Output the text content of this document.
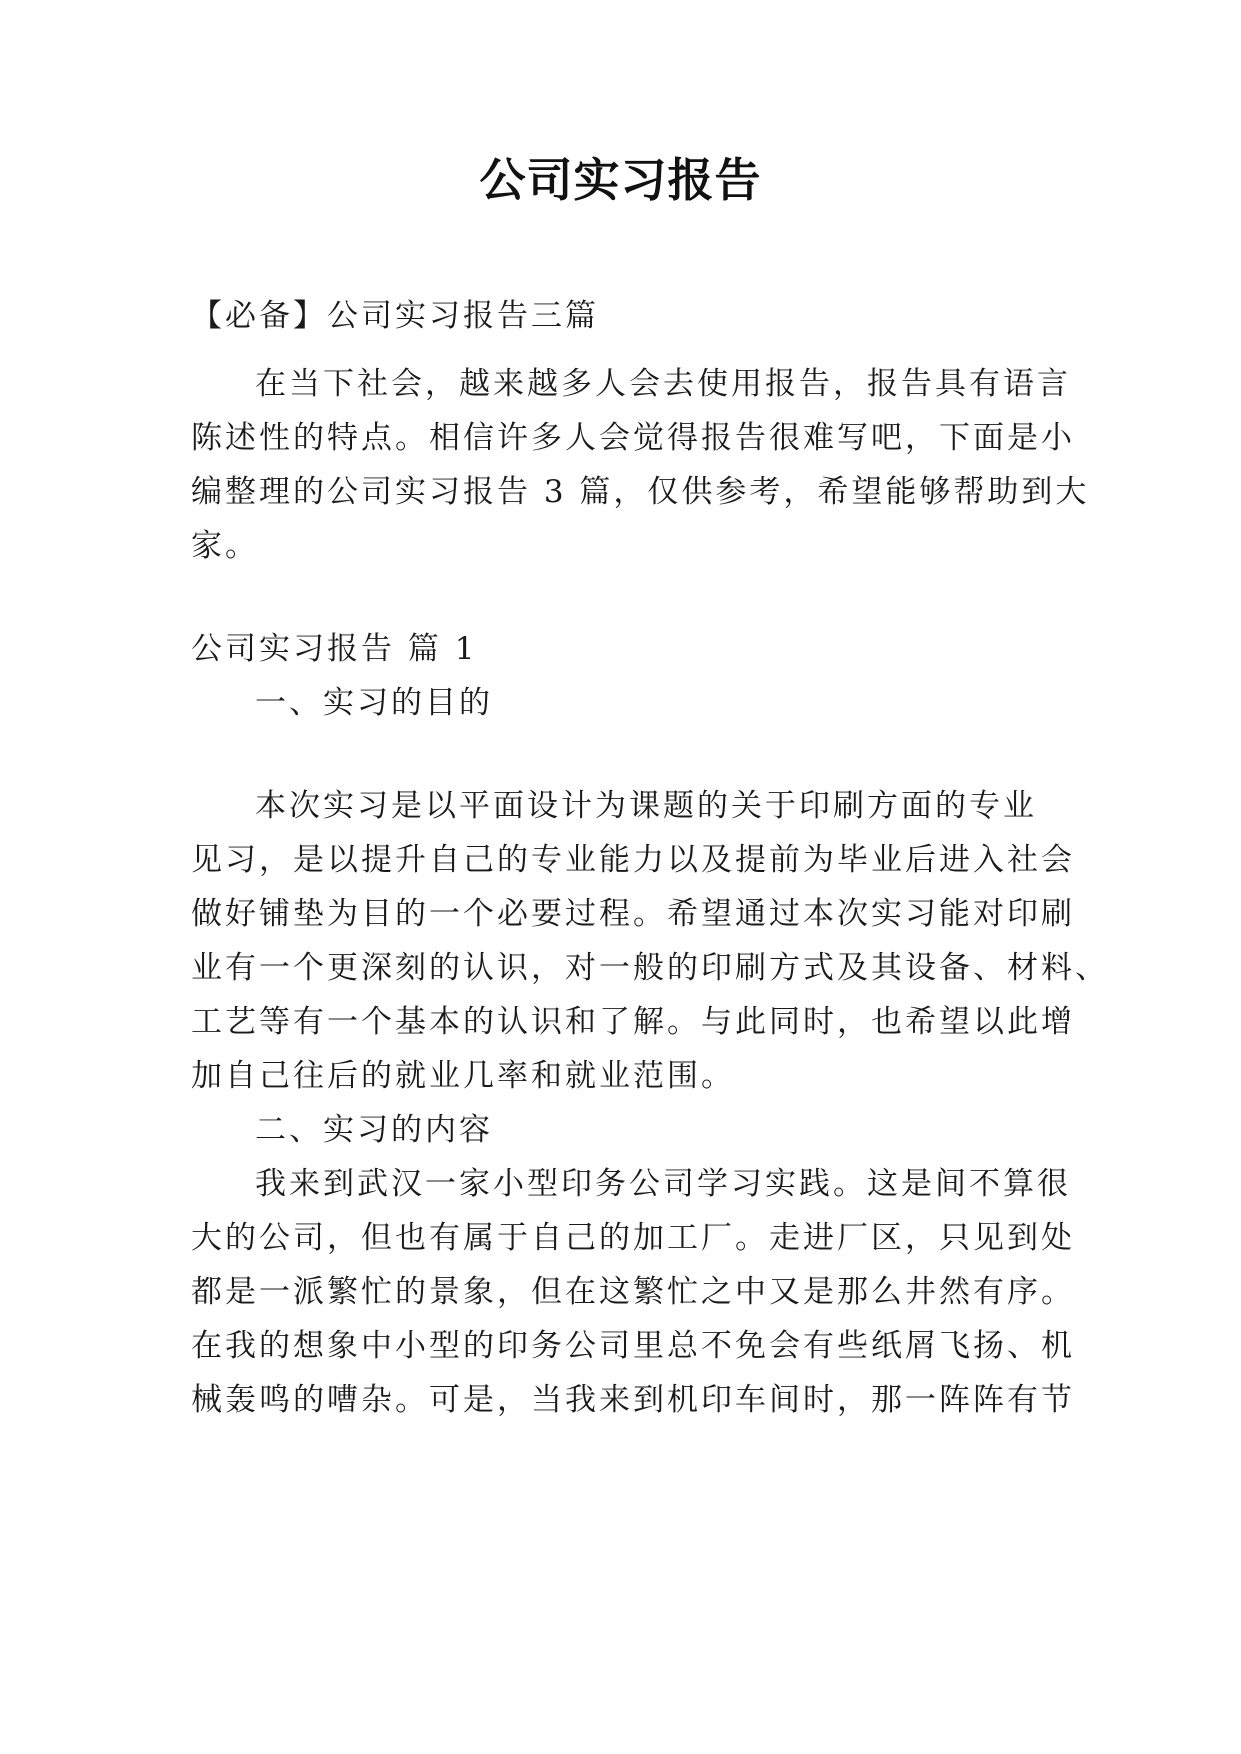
公司实习报告
【必备】公司实习报告三篇
在当下社会，越来越多人会去使用报告，报告具有语言
陈述性的特点。相信许多人会觉得报告很难写吧，下面是小
编整理的公司实习报告 3 篇，仅供参考，希望能够帮助到大
家。
公司实习报告 篇 1
一、实习的目的
本次实习是以平面设计为课题的关于印刷方面的专业
见习，是以提升自己的专业能力以及提前为毕业后进入社会
做好铺垫为目的一个必要过程。希望通过本次实习能对印刷
业有一个更深刻的认识，对一般的印刷方式及其设备、材料、
工艺等有一个基本的认识和了解。与此同时，也希望以此增
加自己往后的就业几率和就业范围。
二、实习的内容
我来到武汉一家小型印务公司学习实践。这是间不算很
大的公司，但也有属于自己的加工厂。走进厂区，只见到处
都是一派繁忙的景象，但在这繁忙之中又是那么井然有序。
在我的想象中小型的印务公司里总不免会有些纸屑飞扬、机
械轰鸣的嘈杂。可是，当我来到机印车间时，那一阵阵有节
